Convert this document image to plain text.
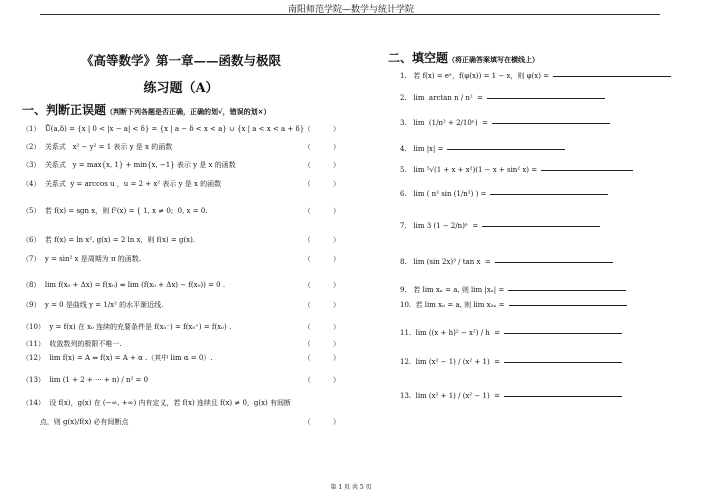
南阳师范学院—数学与统计学院
《高等数学》第一章——函数与极限
练习题（A）
一、判断正误题（判断下列各题是否正确，正确的划√，错误的划×）
（1）  Ů(a,δ) = {x | 0 < |x − a| < δ} = {x | a − δ < x < a} ∪ {x | a < x < a + δ} （          ）
（2）  关系式   x² − y² = 1 表示 y 是 x 的函数	（          ）
（3）  关系式   y = max{x, 1} + min{x, −1} 表示 y 是 x 的函数	（          ）
（4）  关系式  y = arccos u ，u = 2 + x² 表示 y 是 x 的函数	（          ）
（5）  若 f(x) = sgn x，则 f²(x) = { 1, x ≠ 0;  0, x = 0.	（          ）
（6）  若 f(x) = ln x², g(x) = 2 ln x，则 f(x) = g(x).	（          ）
（7）  y = sin² x 是周期为 π 的函数.	（          ）
（8）  lim f(x₀ + Δx) = f(x₀) ⇔ lim (f(x₀ + Δx) − f(x₀)) = 0 .	（          ）
（9）  y = 0 是曲线 y = 1/x² 的水平渐近线.	（          ）
（10）  y = f(x) 在 x₀ 连续的充要条件是 f(x₀⁻) = f(x₀⁺) = f(x₀) .	（          ）
（11）  收敛数列的极限不唯一.	（          ）
（12）  lim f(x) = A ⇔ f(x) = A + α .（其中 lim α = 0）.	（          ）
（13）  lim (1 + 2 + ··· + n) / n² = 0	（          ）
（14）  设 f(x)，g(x) 在 (−∞, +∞) 内有定义，若 f(x) 连续且 f(x) ≠ 0，g(x) 有间断
点，则 g(x)/f(x) 必有间断点	（          ）
二、填空题（将正确答案填写在横线上）
1.   若 f(x) = eˣ，f(φ(x)) = 1 − x，则 φ(x) =
2.   lim  arctan n / n²  =
3.   lim  (1/n² + 2/10ⁿ)  =
4.   lim |x| =
5.   lim ⁵√(1 + x + x²)(1 − x + sin² x) =
6.   lim ( n² sin (1/n²) ) =
7.   lim 3 (1 − 2/n)ⁿ  =
8.   lim (sin 2x)³ / tan x  =
9.   若 lim xₙ = a, 则 lim |xₙ| =
10.  若 lim xₙ = a, 则 lim x₂ₙ =
11.  lim ((x + h)² − x²) / h  =
12.  lim (x² − 1) / (x² + 1)  =
13.  lim (x² + 1) / (x² − 1)  =
第 1 页 共 5 页
